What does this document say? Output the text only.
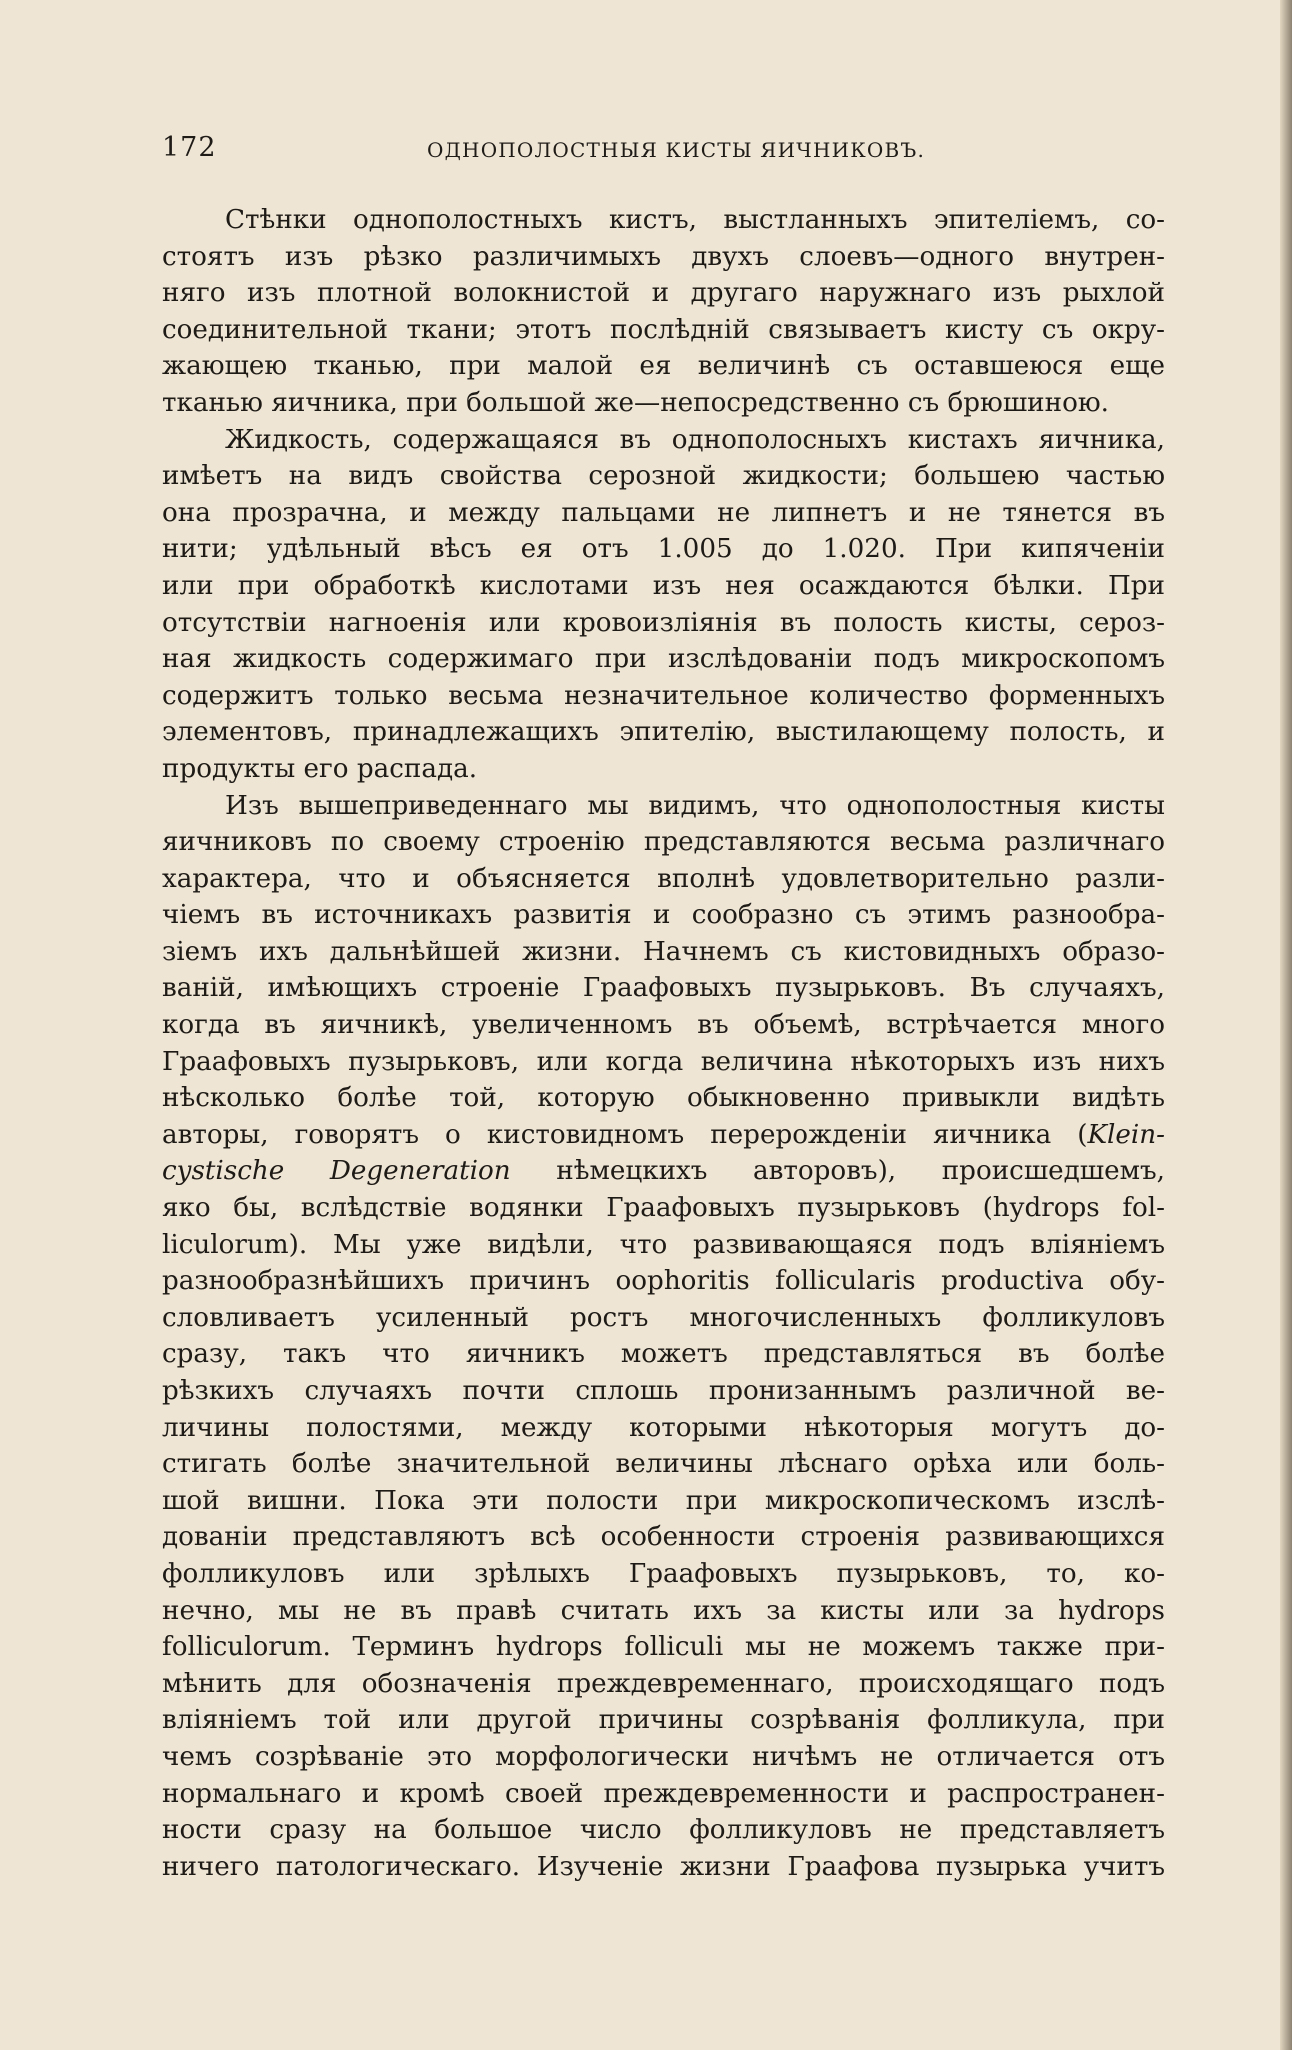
172	ОДНОПОЛОСТНЫЯ КИСТЫ ЯИЧНИКОВЪ.
Стѣнки однополостныхъ кистъ, выстланныхъ эпителіемъ, со-
стоятъ изъ рѣзко различимыхъ двухъ слоевъ—одного внутрен-
няго изъ плотной волокнистой и другаго наружнаго изъ рыхлой
соединительной ткани; этотъ послѣдній связываетъ кисту съ окру-
жающею тканью, при малой ея величинѣ съ оставшеюся еще
тканью яичника, при большой же—непосредственно съ брюшиною.
Жидкость, содержащаяся въ однополосныхъ кистахъ яичника,
имѣетъ на видъ свойства серозной жидкости; большею частью
она прозрачна, и между пальцами не липнетъ и не тянется въ
нити; удѣльный вѣсъ ея отъ 1.005 до 1.020. При кипяченіи
или при обработкѣ кислотами изъ нея осаждаются бѣлки. При
отсутствіи нагноенія или кровоизліянія въ полость кисты, сероз-
ная жидкость содержимаго при изслѣдованіи подъ микроскопомъ
содержитъ только весьма незначительное количество форменныхъ
элементовъ, принадлежащихъ эпителію, выстилающему полость, и
продукты его распада.
Изъ вышеприведеннаго мы видимъ, что однополостныя кисты
яичниковъ по своему строенію представляются весьма различнаго
характера, что и объясняется вполнѣ удовлетворительно разли-
чіемъ въ источникахъ развитія и сообразно съ этимъ разнообра-
зіемъ ихъ дальнѣйшей жизни. Начнемъ съ кистовидныхъ образо-
ваній, имѣющихъ строеніе Граафовыхъ пузырьковъ. Въ случаяхъ,
когда въ яичникѣ, увеличенномъ въ объемѣ, встрѣчается много
Граафовыхъ пузырьковъ, или когда величина нѣкоторыхъ изъ нихъ
нѣсколько болѣе той, которую обыкновенно привыкли видѣть
авторы, говорятъ о кистовидномъ перерожденіи яичника (Klein-
cystische Degeneration нѣмецкихъ авторовъ), происшедшемъ,
яко бы, вслѣдствіе водянки Граафовыхъ пузырьковъ (hydrops fol-
liculorum). Мы уже видѣли, что развивающаяся подъ вліяніемъ
разнообразнѣйшихъ причинъ oophoritis follicularis productiva обу-
словливаетъ усиленный ростъ многочисленныхъ фолликуловъ
сразу, такъ что яичникъ можетъ представляться въ болѣе
рѣзкихъ случаяхъ почти сплошь пронизаннымъ различной ве-
личины полостями, между которыми нѣкоторыя могутъ до-
стигать болѣе значительной величины лѣснаго орѣха или боль-
шой вишни. Пока эти полости при микроскопическомъ изслѣ-
дованіи представляютъ всѣ особенности строенія развивающихся
фолликуловъ или зрѣлыхъ Граафовыхъ пузырьковъ, то, ко-
нечно, мы не въ правѣ считать ихъ за кисты или за hydrops
folliculorum. Терминъ hydrops folliculi мы не можемъ также при-
мѣнить для обозначенія преждевременнаго, происходящаго подъ
вліяніемъ той или другой причины созрѣванія фолликула, при
чемъ созрѣваніе это морфологически ничѣмъ не отличается отъ
нормальнаго и кромѣ своей преждевременности и распространен-
ности сразу на большое число фолликуловъ не представляетъ
ничего патологическаго. Изученіе жизни Граафова пузырька учитъ
